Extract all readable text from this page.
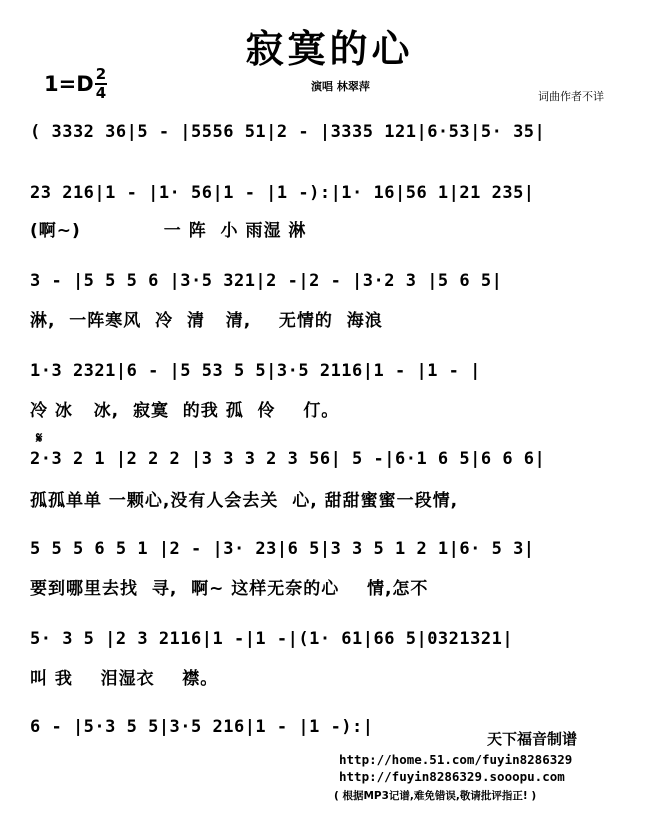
寂寞的心
1=D 2
4	演唱 林翠萍
词曲作者不详
( 3332 36|5 - |5556 51|2 - |3335 121|6·53|5· 35|
23 216|1 - |1· 56|1 - |1 -):|1· 16|56 1|21 235|
(啊~)            一 阵  小 雨湿 淋
3 - |5 5 5 6 |3·5 321|2 -|2 - |3·2 3 |5 6 5|
淋,  一阵寒风  冷  清   清,    无情的  海浪
1·3 2321|6 - |5 53 5 5|3·5 2116|1 - |1 - |
冷 冰   冰,  寂寞  的我 孤  伶    仃。
𝄋
2·3 2 1 |2 2 2 |3 3 3 2 3 56| 5 -|6·1 6 5|6 6 6|
孤孤单单 一颗心,没有人会去关  心, 甜甜蜜蜜一段情,
5 5 5 6 5 1 |2 - |3· 23|6 5|3 3 5 1 2 1|6· 5 3|
要到哪里去找  寻,  啊~ 这样无奈的心    情,怎不
5· 3 5 |2 3 2116|1 -|1 -|(1· 61|66 5|0321321|
叫 我    泪湿衣    襟。
6 - |5·3 5 5|3·5 216|1 - |1 -):|
天下福音制谱
http://home.51.com/fuyin8286329
http://fuyin8286329.sooopu.com
( 根据MP3记谱,难免错误,敬请批评指正! )
